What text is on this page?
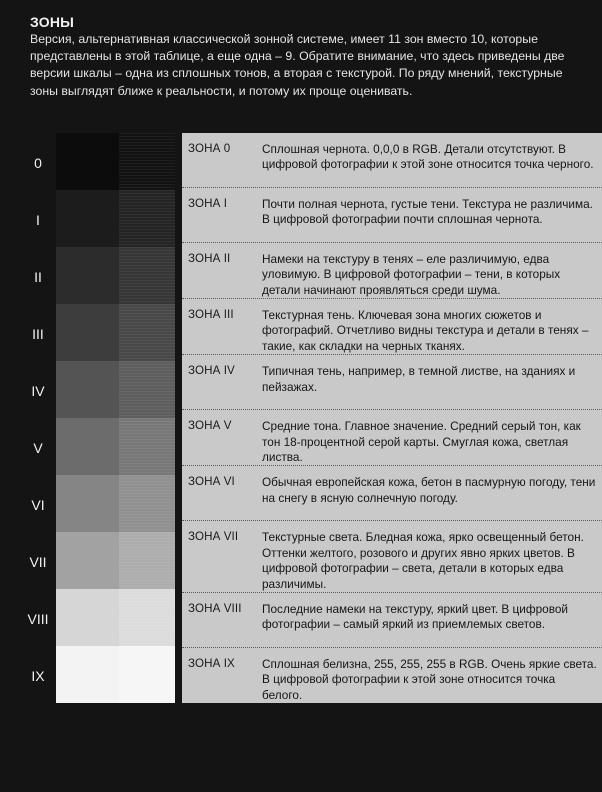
ЗОНЫ
Версия, альтернативная классической зонной системе, имеет 11 зон вместо 10, которые представлены в этой таблице, а еще одна – 9. Обратите внимание, что здесь приведены две версии шкалы – одна из сплошных тонов, а вторая с текстурой. По ряду мнений, текстурные зоны выглядят ближе к реальности, и потому их проще оценивать.
0
I
II
III
IV
V
VI
VII
VIII
IX
ЗОНА 0	Сплошная чернота. 0,0,0 в RGB. Детали отсутствуют. В цифровой фотографии к этой зоне относится точка черного.
ЗОНА I	Почти полная чернота, густые тени. Текстура не различима. В цифровой фотографии почти сплошная чернота.
ЗОНА II	Намеки на текстуру в тенях – еле различимую, едва уловимую. В цифровой фотографии – тени, в которых детали начинают проявляться среди шума.
ЗОНА III	Текстурная тень. Ключевая зона многих сюжетов и фотографий. Отчетливо видны текстура и детали в тенях – такие, как складки на черных тканях.
ЗОНА IV	Типичная тень, например, в темной листве, на зданиях и пейзажах.
ЗОНА V	Средние тона. Главное значение. Средний серый тон, как тон 18-процентной серой карты. Смуглая кожа, светлая листва.
ЗОНА VI	Обычная европейская кожа, бетон в пасмурную погоду, тени на снегу в ясную солнечную погоду.
ЗОНА VII	Текстурные света. Бледная кожа, ярко освещенный бетон. Оттенки желтого, розового и других явно ярких цветов. В цифровой фотографии – света, детали в которых едва различимы.
ЗОНА VIII	Последние намеки на текстуру, яркий цвет. В цифровой фотографии – самый яркий из приемлемых светов.
ЗОНА IX	Сплошная белизна, 255, 255, 255 в RGB. Очень яркие света. В цифровой фотографии к этой зоне относится точка белого.
